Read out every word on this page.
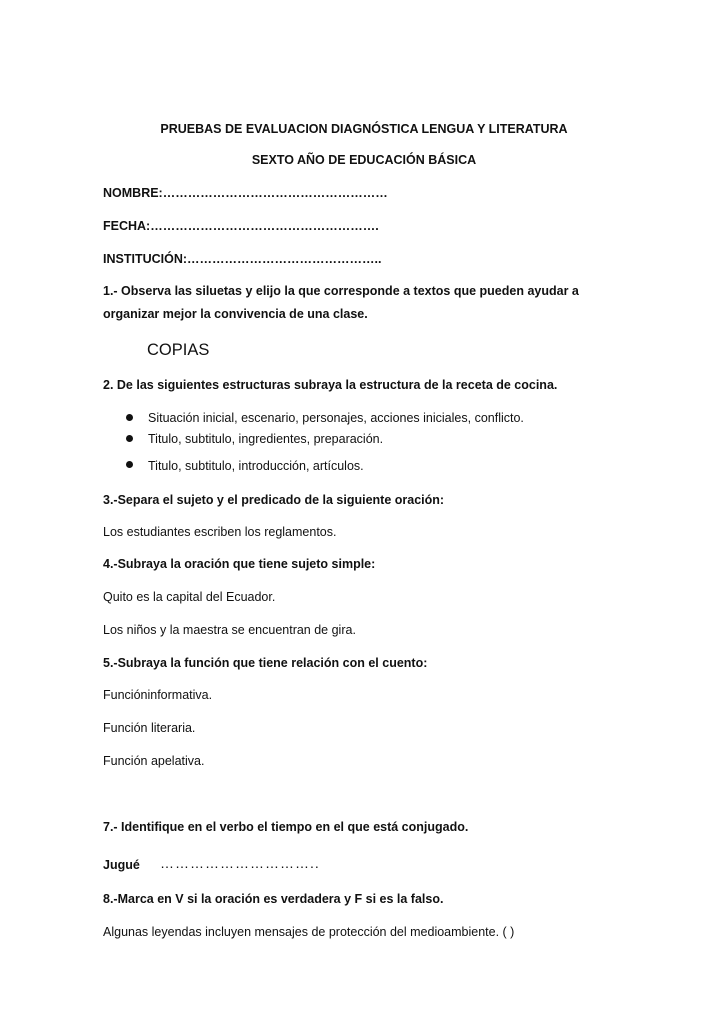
PRUEBAS DE EVALUACION DIAGNÓSTICA LENGUA Y LITERATURA
SEXTO AÑO DE EDUCACIÓN BÁSICA
NOMBRE:………………………………………………
FECHA:……………………………………………….
INSTITUCIÓN:………………………………………..
1.- Observa las siluetas y elijo la que corresponde a textos que pueden ayudar a organizar mejor la convivencia de una clase.
COPIAS
2. De las siguientes estructuras subraya la estructura de la receta de cocina.
Situación inicial, escenario, personajes, acciones iniciales, conflicto.
Titulo, subtitulo, ingredientes, preparación.
Titulo, subtitulo, introducción, artículos.
3.-Separa el sujeto y el predicado de la siguiente oración:
Los estudiantes escriben los reglamentos.
4.-Subraya la oración que tiene sujeto simple:
Quito es la capital del Ecuador.
Los niños y la maestra se encuentran de gira.
5.-Subraya la función que tiene relación con el cuento:
Funcióninformativa.
Función literaria.
Función apelativa.
7.- Identifique en el verbo el tiempo en el que está conjugado.
Jugué …………………………..
8.-Marca en V si la oración es verdadera y F si es la falso.
Algunas leyendas incluyen mensajes de protección del medioambiente. ( )
